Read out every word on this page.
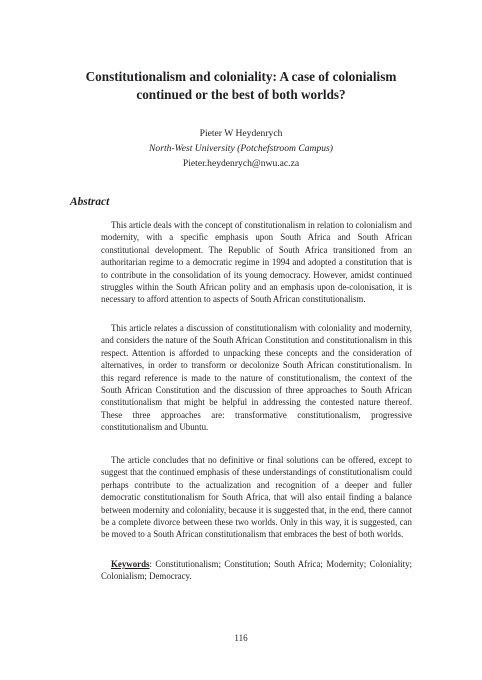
Constitutionalism and coloniality: A case of colonialism continued or the best of both worlds?
Pieter W Heydenrych
North-West University (Potchefstroom Campus)
Pieter.heydenrych@nwu.ac.za
Abstract

This article deals with the concept of constitutionalism in relation to colonialism and modernity, with a specific emphasis upon South Africa and South African constitutional development. The Republic of South Africa transitioned from an authoritarian regime to a democratic regime in 1994 and adopted a constitution that is to contribute in the consolidation of its young democracy. However, amidst continued struggles within the South African polity and an emphasis upon de-colonisation, it is necessary to afford attention to aspects of South African constitutionalism.

This article relates a discussion of constitutionalism with coloniality and modernity, and considers the nature of the South African Constitution and constitutionalism in this respect. Attention is afforded to unpacking these concepts and the consideration of alternatives, in order to transform or decolonize South African constitutionalism. In this regard reference is made to the nature of constitutionalism, the context of the South African Constitution and the discussion of three approaches to South African constitutionalism that might be helpful in addressing the contested nature thereof. These three approaches are: transformative constitutionalism, progressive constitutionalism and Ubuntu.

The article concludes that no definitive or final solutions can be offered, except to suggest that the continued emphasis of these understandings of constitutionalism could perhaps contribute to the actualization and recognition of a deeper and fuller democratic constitutionalism for South Africa, that will also entail finding a balance between modernity and coloniality, because it is suggested that, in the end, there cannot be a complete divorce between these two worlds. Only in this way, it is suggested, can be moved to a South African constitutionalism that embraces the best of both worlds.

Keywords: Constitutionalism; Constitution; South Africa; Modernity; Coloniality; Colonialism; Democracy.

116
